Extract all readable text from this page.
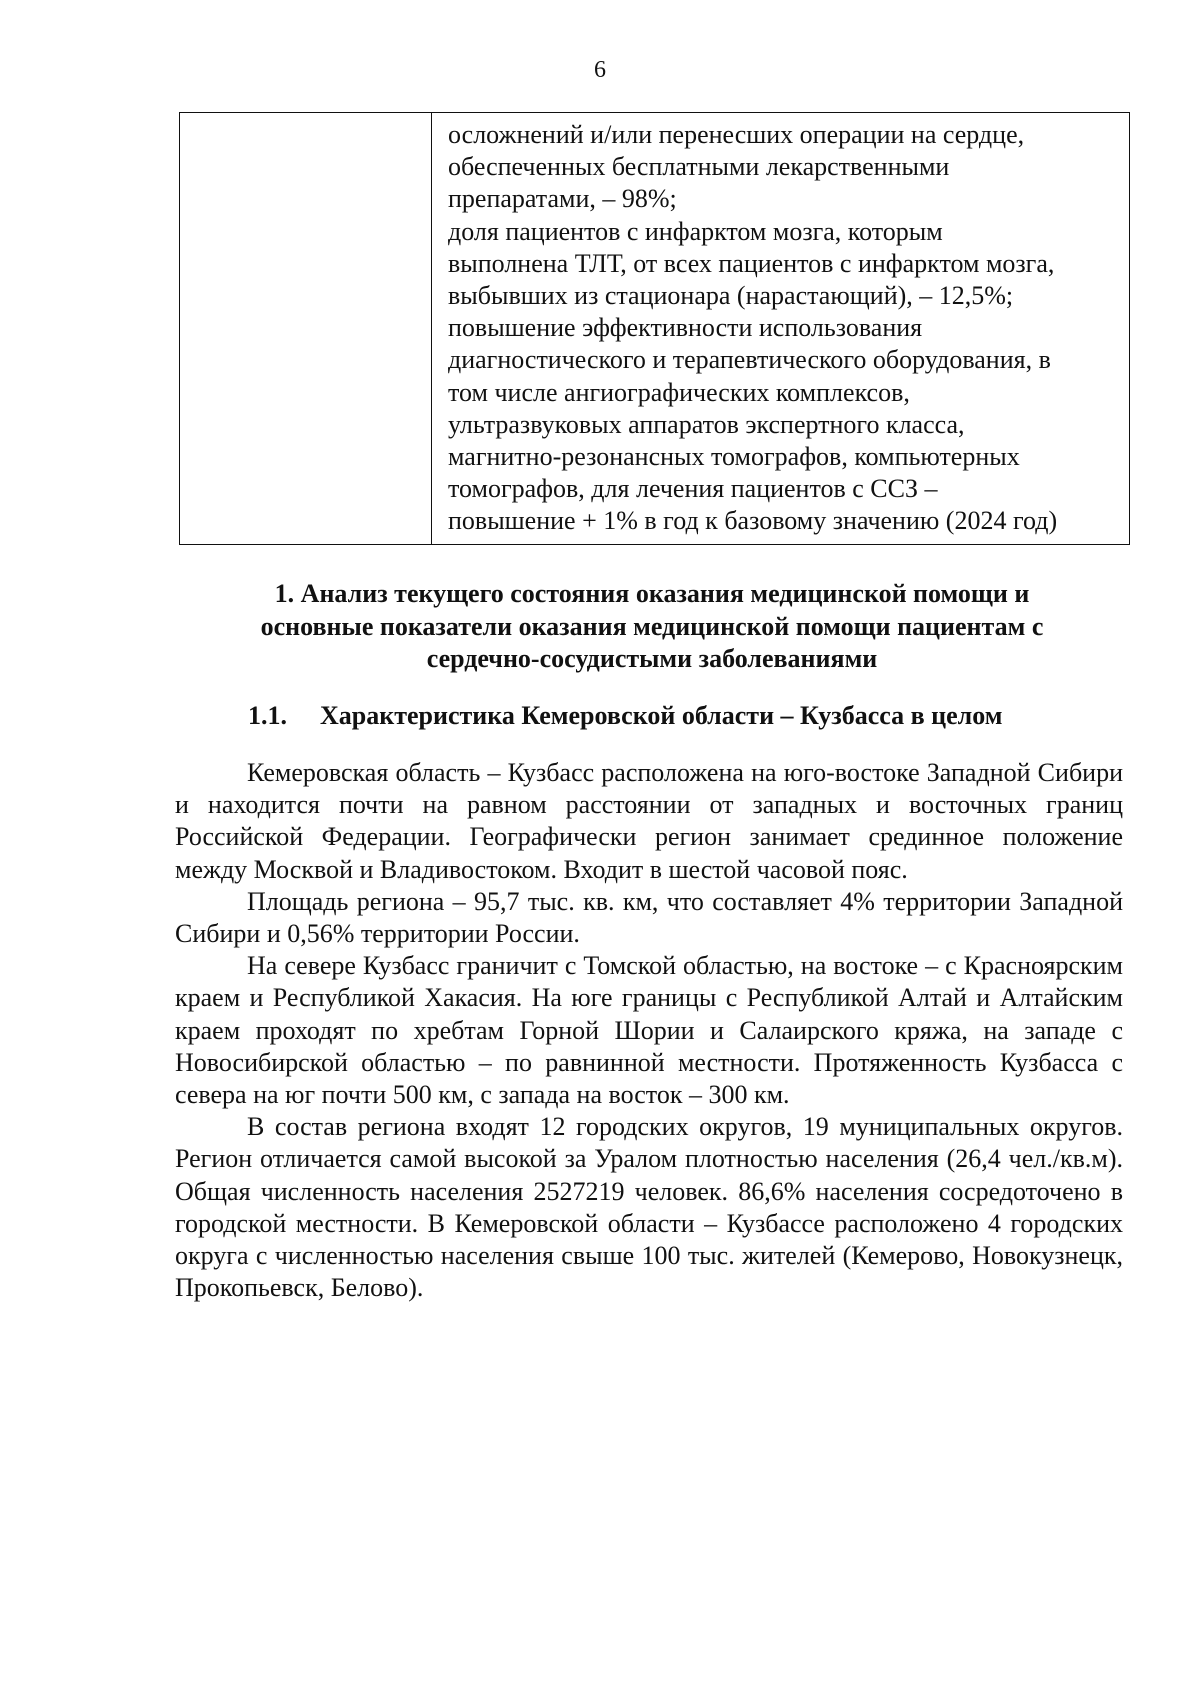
6
осложнений и/или перенесших операции на сердце,
обеспеченных бесплатными лекарственными
препаратами, – 98%;
доля пациентов с инфарктом мозга, которым
выполнена ТЛТ, от всех пациентов с инфарктом мозга,
выбывших из стационара (нарастающий), – 12,5%;
повышение эффективности использования
диагностического и терапевтического оборудования, в
том числе ангиографических комплексов,
ультразвуковых аппаратов экспертного класса,
магнитно-резонансных томографов, компьютерных
томографов, для лечения пациентов с ССЗ –
повышение + 1% в год к базовому значению (2024 год)
1. Анализ текущего состояния оказания медицинской помощи и
основные показатели оказания медицинской помощи пациентам с
сердечно-сосудистыми заболеваниями
1.1. Характеристика Кемеровской области – Кузбасса в целом

Кемеровская область – Кузбасс расположена на юго-востоке Западной Сибири и находится почти на равном расстоянии от западных и восточных границ Российской Федерации. Географически регион занимает срединное положение между Москвой и Владивостоком. Входит в шестой часовой пояс.

Площадь региона – 95,7 тыс. кв. км, что составляет 4% территории Западной Сибири и 0,56% территории России.

На севере Кузбасс граничит с Томской областью, на востоке – с Красноярским краем и Республикой Хакасия. На юге границы с Республикой Алтай и Алтайским краем проходят по хребтам Горной Шории и Салаирского кряжа, на западе с Новосибирской областью – по равнинной местности. Протяженность Кузбасса с севера на юг почти 500 км, с запада на восток – 300 км.

В состав региона входят 12 городских округов, 19 муниципальных округов. Регион отличается самой высокой за Уралом плотностью населения (26,4 чел./кв.м). Общая численность населения 2527219 человек. 86,6% населения сосредоточено в городской местности. В Кемеровской области – Кузбассе расположено 4 городских округа с численностью населения свыше 100 тыс. жителей (Кемерово, Новокузнецк, Прокопьевск, Белово).
